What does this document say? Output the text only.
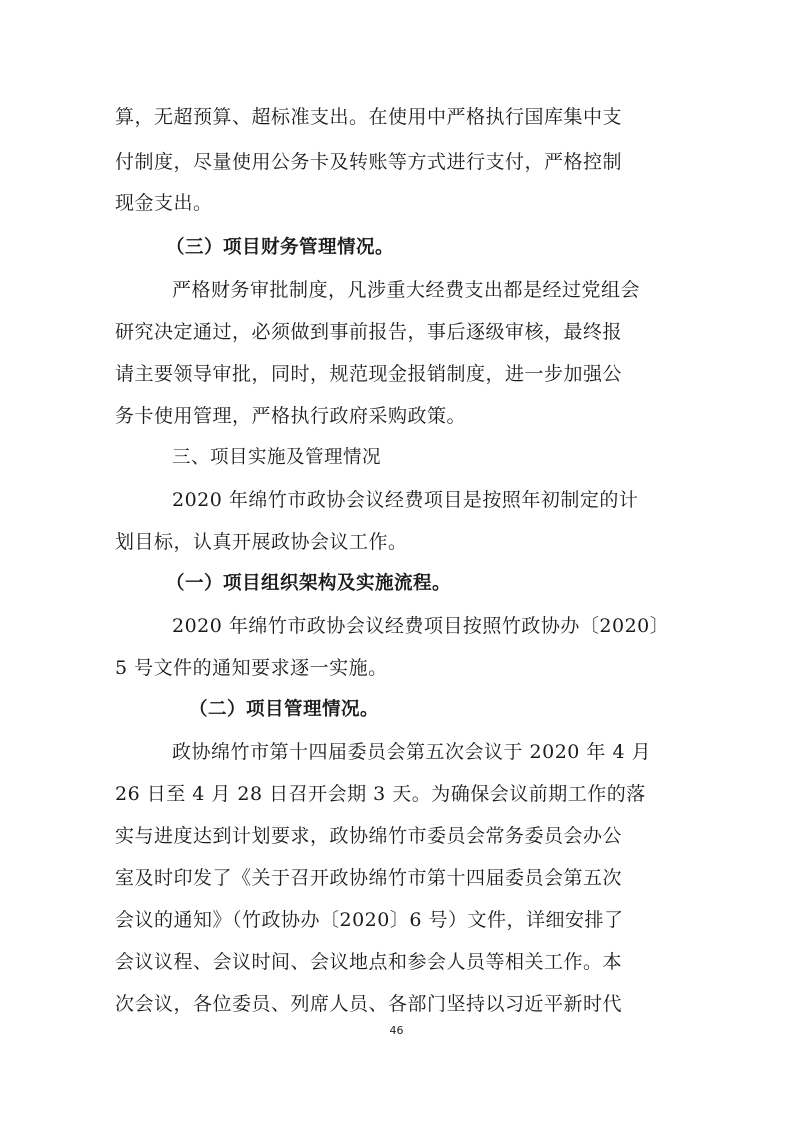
算，无超预算、超标准支出。在使用中严格执行国库集中支
付制度，尽量使用公务卡及转账等方式进行支付，严格控制
现金支出。
（三）项目财务管理情况。
严格财务审批制度，凡涉重大经费支出都是经过党组会
研究决定通过，必须做到事前报告，事后逐级审核，最终报
请主要领导审批，同时，规范现金报销制度，进一步加强公
务卡使用管理，严格执行政府采购政策。
三、项目实施及管理情况
2020 年绵竹市政协会议经费项目是按照年初制定的计
划目标，认真开展政协会议工作。
（一）项目组织架构及实施流程。
2020 年绵竹市政协会议经费项目按照竹政协办〔2020〕
5 号文件的通知要求逐一实施。
（二）项目管理情况。
政协绵竹市第十四届委员会第五次会议于 2020 年 4 月
26 日至 4 月 28 日召开会期 3 天。为确保会议前期工作的落
实与进度达到计划要求，政协绵竹市委员会常务委员会办公
室及时印发了《关于召开政协绵竹市第十四届委员会第五次
会议的通知》（竹政协办〔2020〕6 号）文件，详细安排了
会议议程、会议时间、会议地点和参会人员等相关工作。本
次会议，各位委员、列席人员、各部门坚持以习近平新时代
46
